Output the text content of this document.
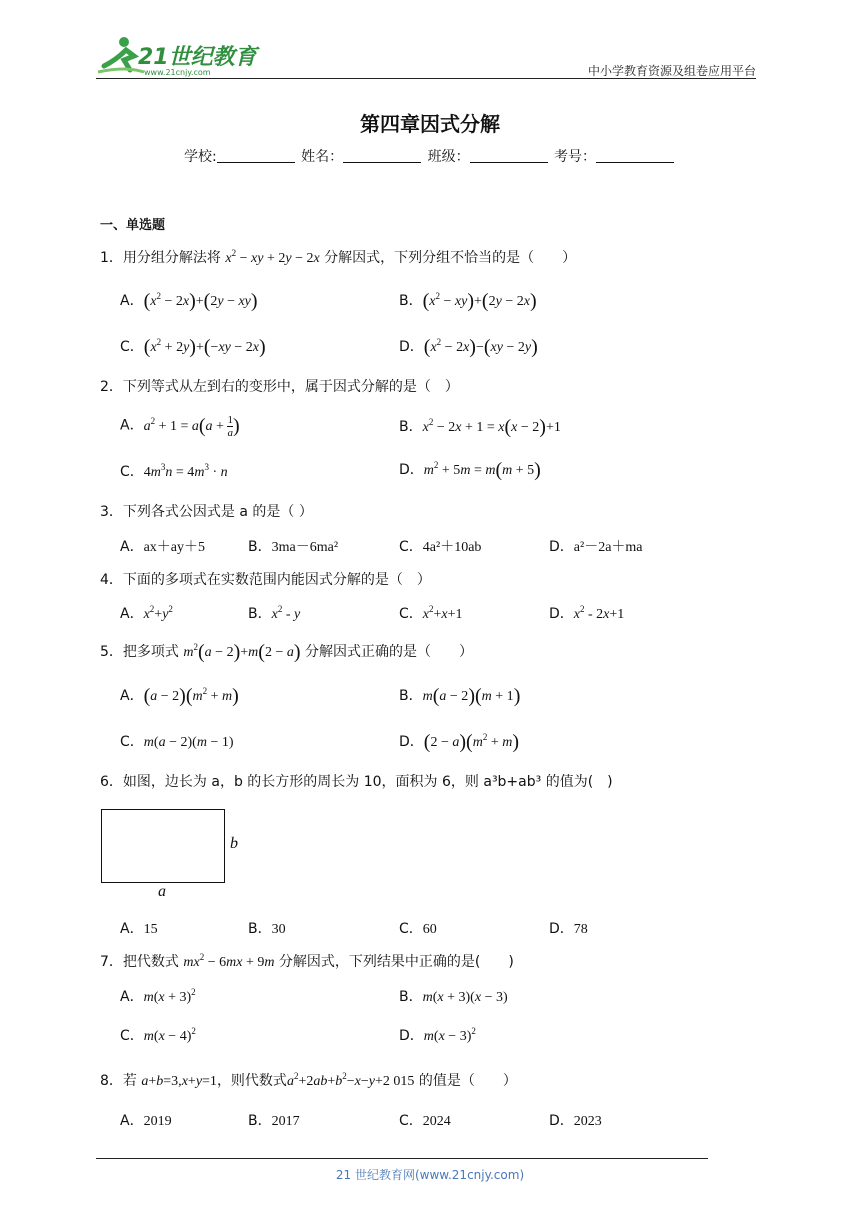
21世纪教育
www.21cnjy.com	中小学教育资源及组卷应用平台
第四章因式分解
学校:	姓名：	班级：	考号：
一、单选题
1．用分组分解法将 $x^2$ − xy + 2y − 2x 分解因式，下列分组不恰当的是（　　）
A．$(x^2 - 2x)+(2y - xy)$	B．$(x^2 - xy)+(2y - 2x)$
C．$(x^2 + 2y)+(-xy - 2x)$	D．$(x^2 - 2x)-(xy - 2y)$
2．下列等式从左到右的变形中，属于因式分解的是（　）
A．$a^2 + 1 = a(a + \frac{1}{a}$ )	B．$x^2 - 2x + 1 = x(x - 2)+1$
C．$4m^3n = 4m^3 \cdot n$	D．$m^2 + 5m = m(m + 5)$
3．下列各式公因式是 a 的是（ ）
A．ax＋ay＋5	B．3ma－6ma²	C．4a²＋10ab	D．a²－2a＋ma
4．下面的多项式在实数范围内能因式分解的是（　）
A．$x^2+y^2$	B．$x^2$ - y	C．$x^2+x+1$	D．$x^2 - 2x+1$
5．把多项式 $m^2(a - 2)+m(2 - a)$ 分解因式正确的是（　　）
A．$(a - 2)(m^2 + m)$	B．m(a − 2)(m + 1)
C．m(a − 2)(m − 1)	D．$(2 - a)(m^2 + m)$
6．如图，边长为 a，b 的长方形的周长为 10，面积为 6，则 a³b+ab³ 的值为(　)
b
a
A．15	B．30	C．60	D．78
7．把代数式 $mx^2 - 6mx + 9m$ 分解因式，下列结果中正确的是(　　)
A．$m(x + 3)^2$	B．m(x + 3)(x − 3)
C．$m(x - 4)^2$	D．$m(x - 3)^2$
8．若 a+b=3,x+y=1，则代数式$a^2+2ab+b^2-x-y+2$ 015 的值是（　　）
A．2019	B．2017	C．2024	D．2023
21 世纪教育网(www.21cnjy.com)
